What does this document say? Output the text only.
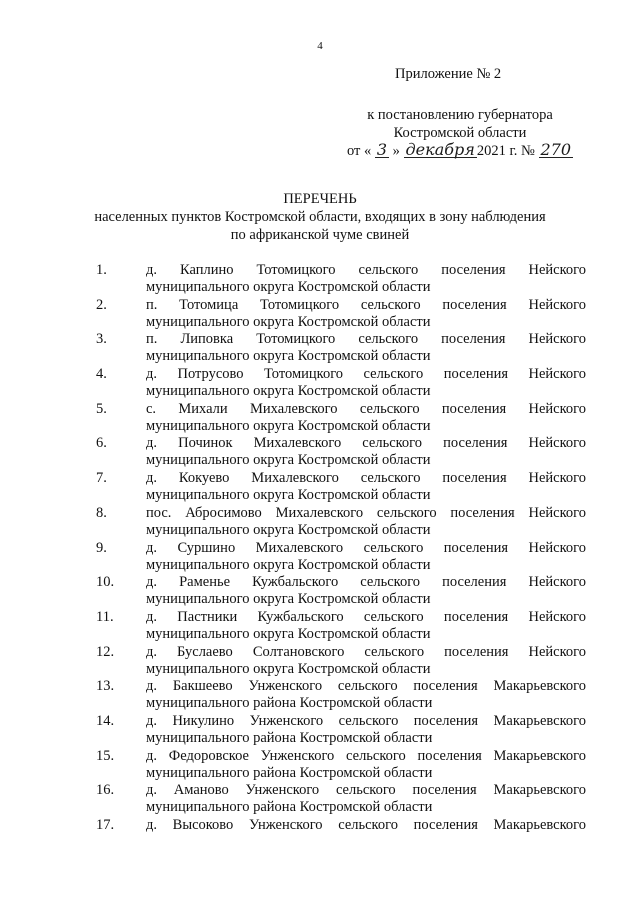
4
Приложение № 2
к постановлению губернатора
Костромской области
от « 3 » декабря 2021 г. № 270
ПЕРЕЧЕНЬ
населенных пунктов Костромской области, входящих в зону наблюдения
по африканской чуме свиней
1.	д. Каплино Тотомицкого сельского поселения Нейского
муниципального округа Костромской области
2.	п. Тотомица Тотомицкого сельского поселения Нейского
муниципального округа Костромской области
3.	п. Липовка Тотомицкого сельского поселения Нейского
муниципального округа Костромской области
4.	д. Потрусово Тотомицкого сельского поселения Нейского
муниципального округа Костромской области
5.	с. Михали Михалевского сельского поселения Нейского
муниципального округа Костромской области
6.	д. Починок Михалевского сельского поселения Нейского
муниципального округа Костромской области
7.	д. Кокуево Михалевского сельского поселения Нейского
муниципального округа Костромской области
8.	пос. Абросимово Михалевского сельского поселения Нейского
муниципального округа Костромской области
9.	д. Суршино Михалевского сельского поселения Нейского
муниципального округа Костромской области
10.	д. Раменье Кужбальского сельского поселения Нейского
муниципального округа Костромской области
11.	д. Пастники Кужбальского сельского поселения Нейского
муниципального округа Костромской области
12.	д. Буслаево Солтановского сельского поселения Нейского
муниципального округа Костромской области
13.	д. Бакшеево Унженского сельского поселения Макарьевского
муниципального района Костромской области
14.	д. Никулино Унженского сельского поселения Макарьевского
муниципального района Костромской области
15.	д. Федоровское Унженского сельского поселения Макарьевского
муниципального района Костромской области
16.	д. Аманово Унженского сельского поселения Макарьевского
муниципального района Костромской области
17.	д. Высоково Унженского сельского поселения Макарьевского
